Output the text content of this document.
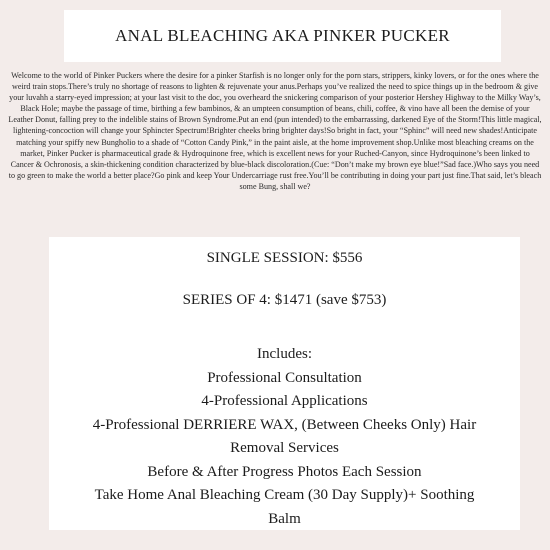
ANAL BLEACHING AKA PINKER PUCKER
Welcome to the world of Pinker Puckers where the desire for a pinker Starfish is no longer only for the porn stars, strippers, kinky lovers, or for the ones where the weird train stops.There’s truly no shortage of reasons to lighten & rejuvenate your anus.Perhaps you’ve realized the need to spice things up in the bedroom & give your luvahh a starry-eyed impression; at your last visit to the doc, you overheard the snickering comparison of your posterior Hershey Highway to the Milky Way’s, Black Hole; maybe the passage of time, birthing a few bambinos, & an umpteen consumption of beans, chili, coffee, & vino have all been the demise of your Leather Donut, falling prey to the indelible stains of Brown Syndrome.Put an end (pun intended) to the embarrassing, darkened Eye of the Storm!This little magical, lightening-concoction will change your Sphincter Spectrum!Brighter cheeks bring brighter days!So bright in fact, your “Sphinc” will need new shades!Anticipate matching your spiffy new Bungholio to a shade of “Cotton Candy Pink,” in the paint aisle, at the home improvement shop.Unlike most bleaching creams on the market, Pinker Pucker is pharmaceutical grade & Hydroquinone free, which is excellent news for your Ruched-Canyon, since Hydroquinone’s been linked to Cancer & Ochronosis, a skin-thickening condition characterized by blue-black discoloration.(Cue: “Don’t make my brown eye blue!”Sad face.)Who says you need to go green to make the world a better place?Go pink and keep Your Undercarriage rust free.You’ll be contributing in doing your part just fine.That said, let’s bleach some Bung, shall we?
SINGLE SESSION: $556
SERIES OF 4: $1471 (save $753)
Includes:
Professional Consultation
4-Professional Applications
4-Professional DERRIERE WAX, (Between Cheeks Only) Hair
Removal Services
Before & After Progress Photos Each Session
Take Home Anal Bleaching Cream (30 Day Supply)+ Soothing
Balm
